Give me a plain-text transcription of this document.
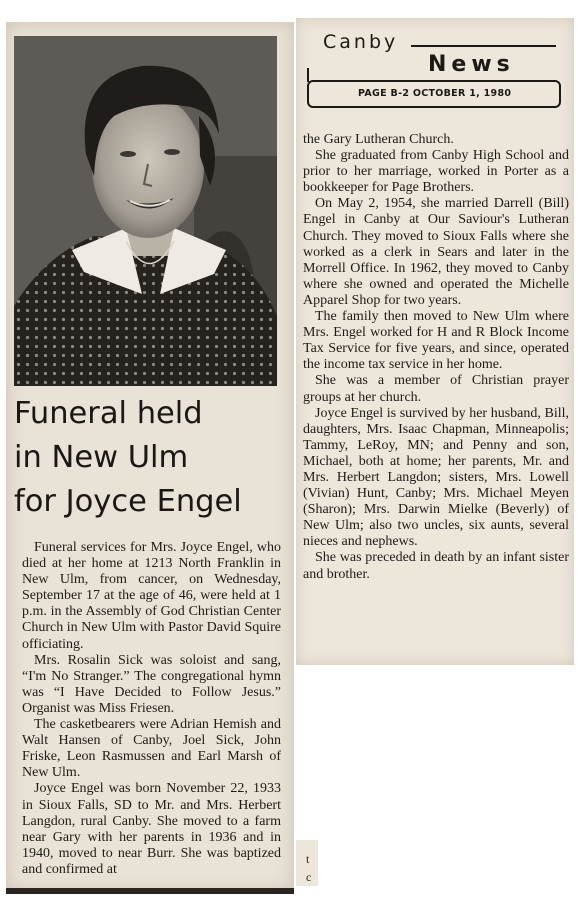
Canby
News
PAGE B-2 OCTOBER 1, 1980
Funeral held
in New Ulm
for Joyce Engel

Funeral services for Mrs. Joyce Engel, who died at her home at 1213 North Franklin in New Ulm, from cancer, on Wednesday, September 17 at the age of 46, were held at 1 p.m. in the Assembly of God Christian Center Church in New Ulm with Pastor David Squire officiating.

Mrs. Rosalin Sick was soloist and sang, “I'm No Stranger.” The congregational hymn was “I Have Decided to Follow Jesus.” Organist was Miss Friesen.

The casketbearers were Adrian Hemish and Walt Hansen of Canby, Joel Sick, John Friske, Leon Rasmussen and Earl Marsh of New Ulm.

Joyce Engel was born November 22, 1933 in Sioux Falls, SD to Mr. and Mrs. Herbert Langdon, rural Canby. She moved to a farm near Gary with her parents in 1936 and in 1940, moved to near Burr. She was baptized and confirmed at

the Gary Lutheran Church.

She graduated from Canby High School and prior to her marriage, worked in Porter as a bookkeeper for Page Brothers.

On May 2, 1954, she married Darrell (Bill) Engel in Canby at Our Saviour's Lutheran Church. They moved to Sioux Falls where she worked as a clerk in Sears and later in the Morrell Office. In 1962, they moved to Canby where she owned and operated the Michelle Apparel Shop for two years.

The family then moved to New Ulm where Mrs. Engel worked for H and R Block Income Tax Service for five years, and since, operated the income tax service in her home.

She was a member of Christian prayer groups at her church.

Joyce Engel is survived by her husband, Bill, daughters, Mrs. Isaac Chapman, Minneapolis; Tammy, LeRoy, MN; and Penny and son, Michael, both at home; her parents, Mr. and Mrs. Herbert Langdon; sisters, Mrs. Lowell (Vivian) Hunt, Canby; Mrs. Michael Meyen (Sharon); Mrs. Darwin Mielke (Beverly) of New Ulm; also two uncles, six aunts, several nieces and nephews.

She was preceded in death by an infant sister and brother.

t
c
